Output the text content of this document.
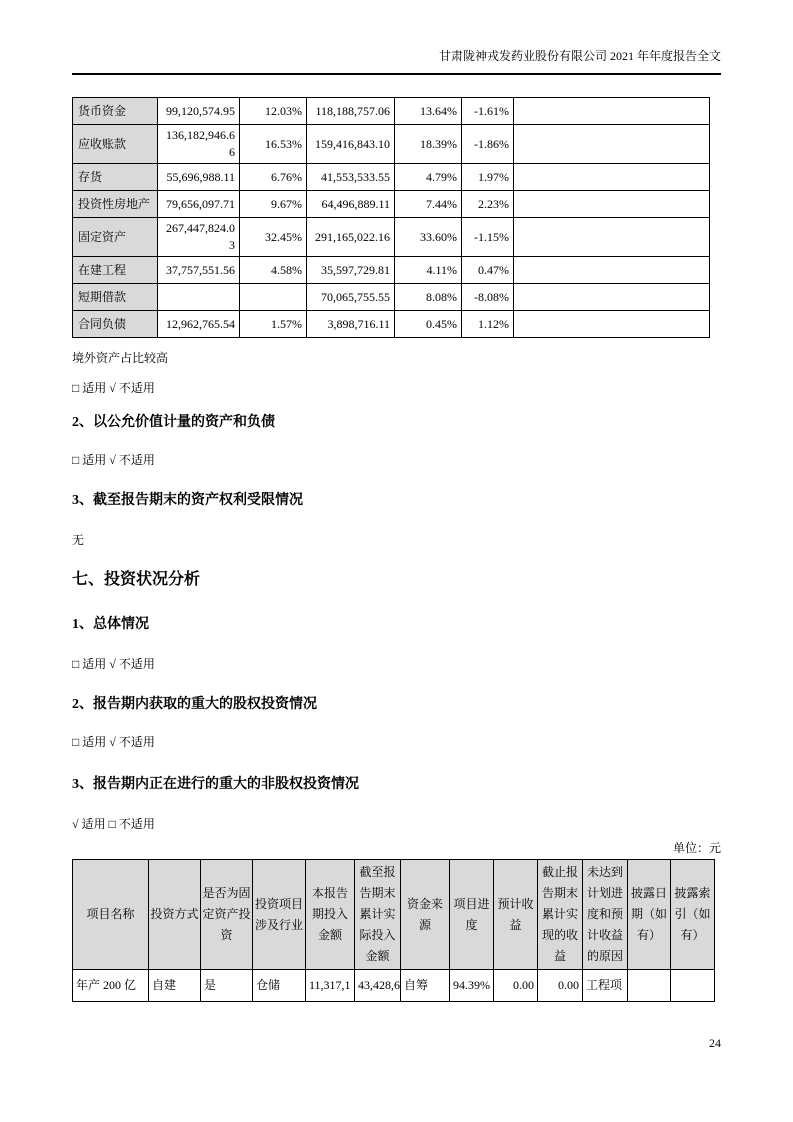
甘肃陇神戎发药业股份有限公司 2021 年年度报告全文
货币资金	99,120,574.95	12.03%	118,188,757.06	13.64%	-1.61%	
应收账款	136,182,946.66	16.53%	159,416,843.10	18.39%	-1.86%	
存货	55,696,988.11	6.76%	41,553,533.55	4.79%	1.97%	
投资性房地产	79,656,097.71	9.67%	64,496,889.11	7.44%	2.23%	
固定资产	267,447,824.03	32.45%	291,165,022.16	33.60%	-1.15%	
在建工程	37,757,551.56	4.58%	35,597,729.81	4.11%	0.47%	
短期借款			70,065,755.55	8.08%	-8.08%	
合同负债	12,962,765.54	1.57%	3,898,716.11	0.45%	1.12%	

境外资产占比较高

□ 适用 √ 不适用

2、以公允价值计量的资产和负债

□ 适用 √ 不适用

3、截至报告期末的资产权利受限情况

无

七、投资状况分析

1、总体情况

□ 适用 √ 不适用

2、报告期内获取的重大的股权投资情况

□ 适用 √ 不适用

3、报告期内正在进行的重大的非股权投资情况

√ 适用 □ 不适用

单位：元

项目名称	投资方式	是否为固定资产投资	投资项目涉及行业	本报告期投入金额	截至报告期末累计实际投入金额	资金来源	项目进度	预计收益	截止报告期末累计实现的收益	未达到计划进度和预计收益的原因	披露日期（如有）	披露索引（如有）
年产 200 亿	自建	是	仓储	11,317,1	43,428,6	自筹	94.39%	0.00	0.00	工程项		
24
